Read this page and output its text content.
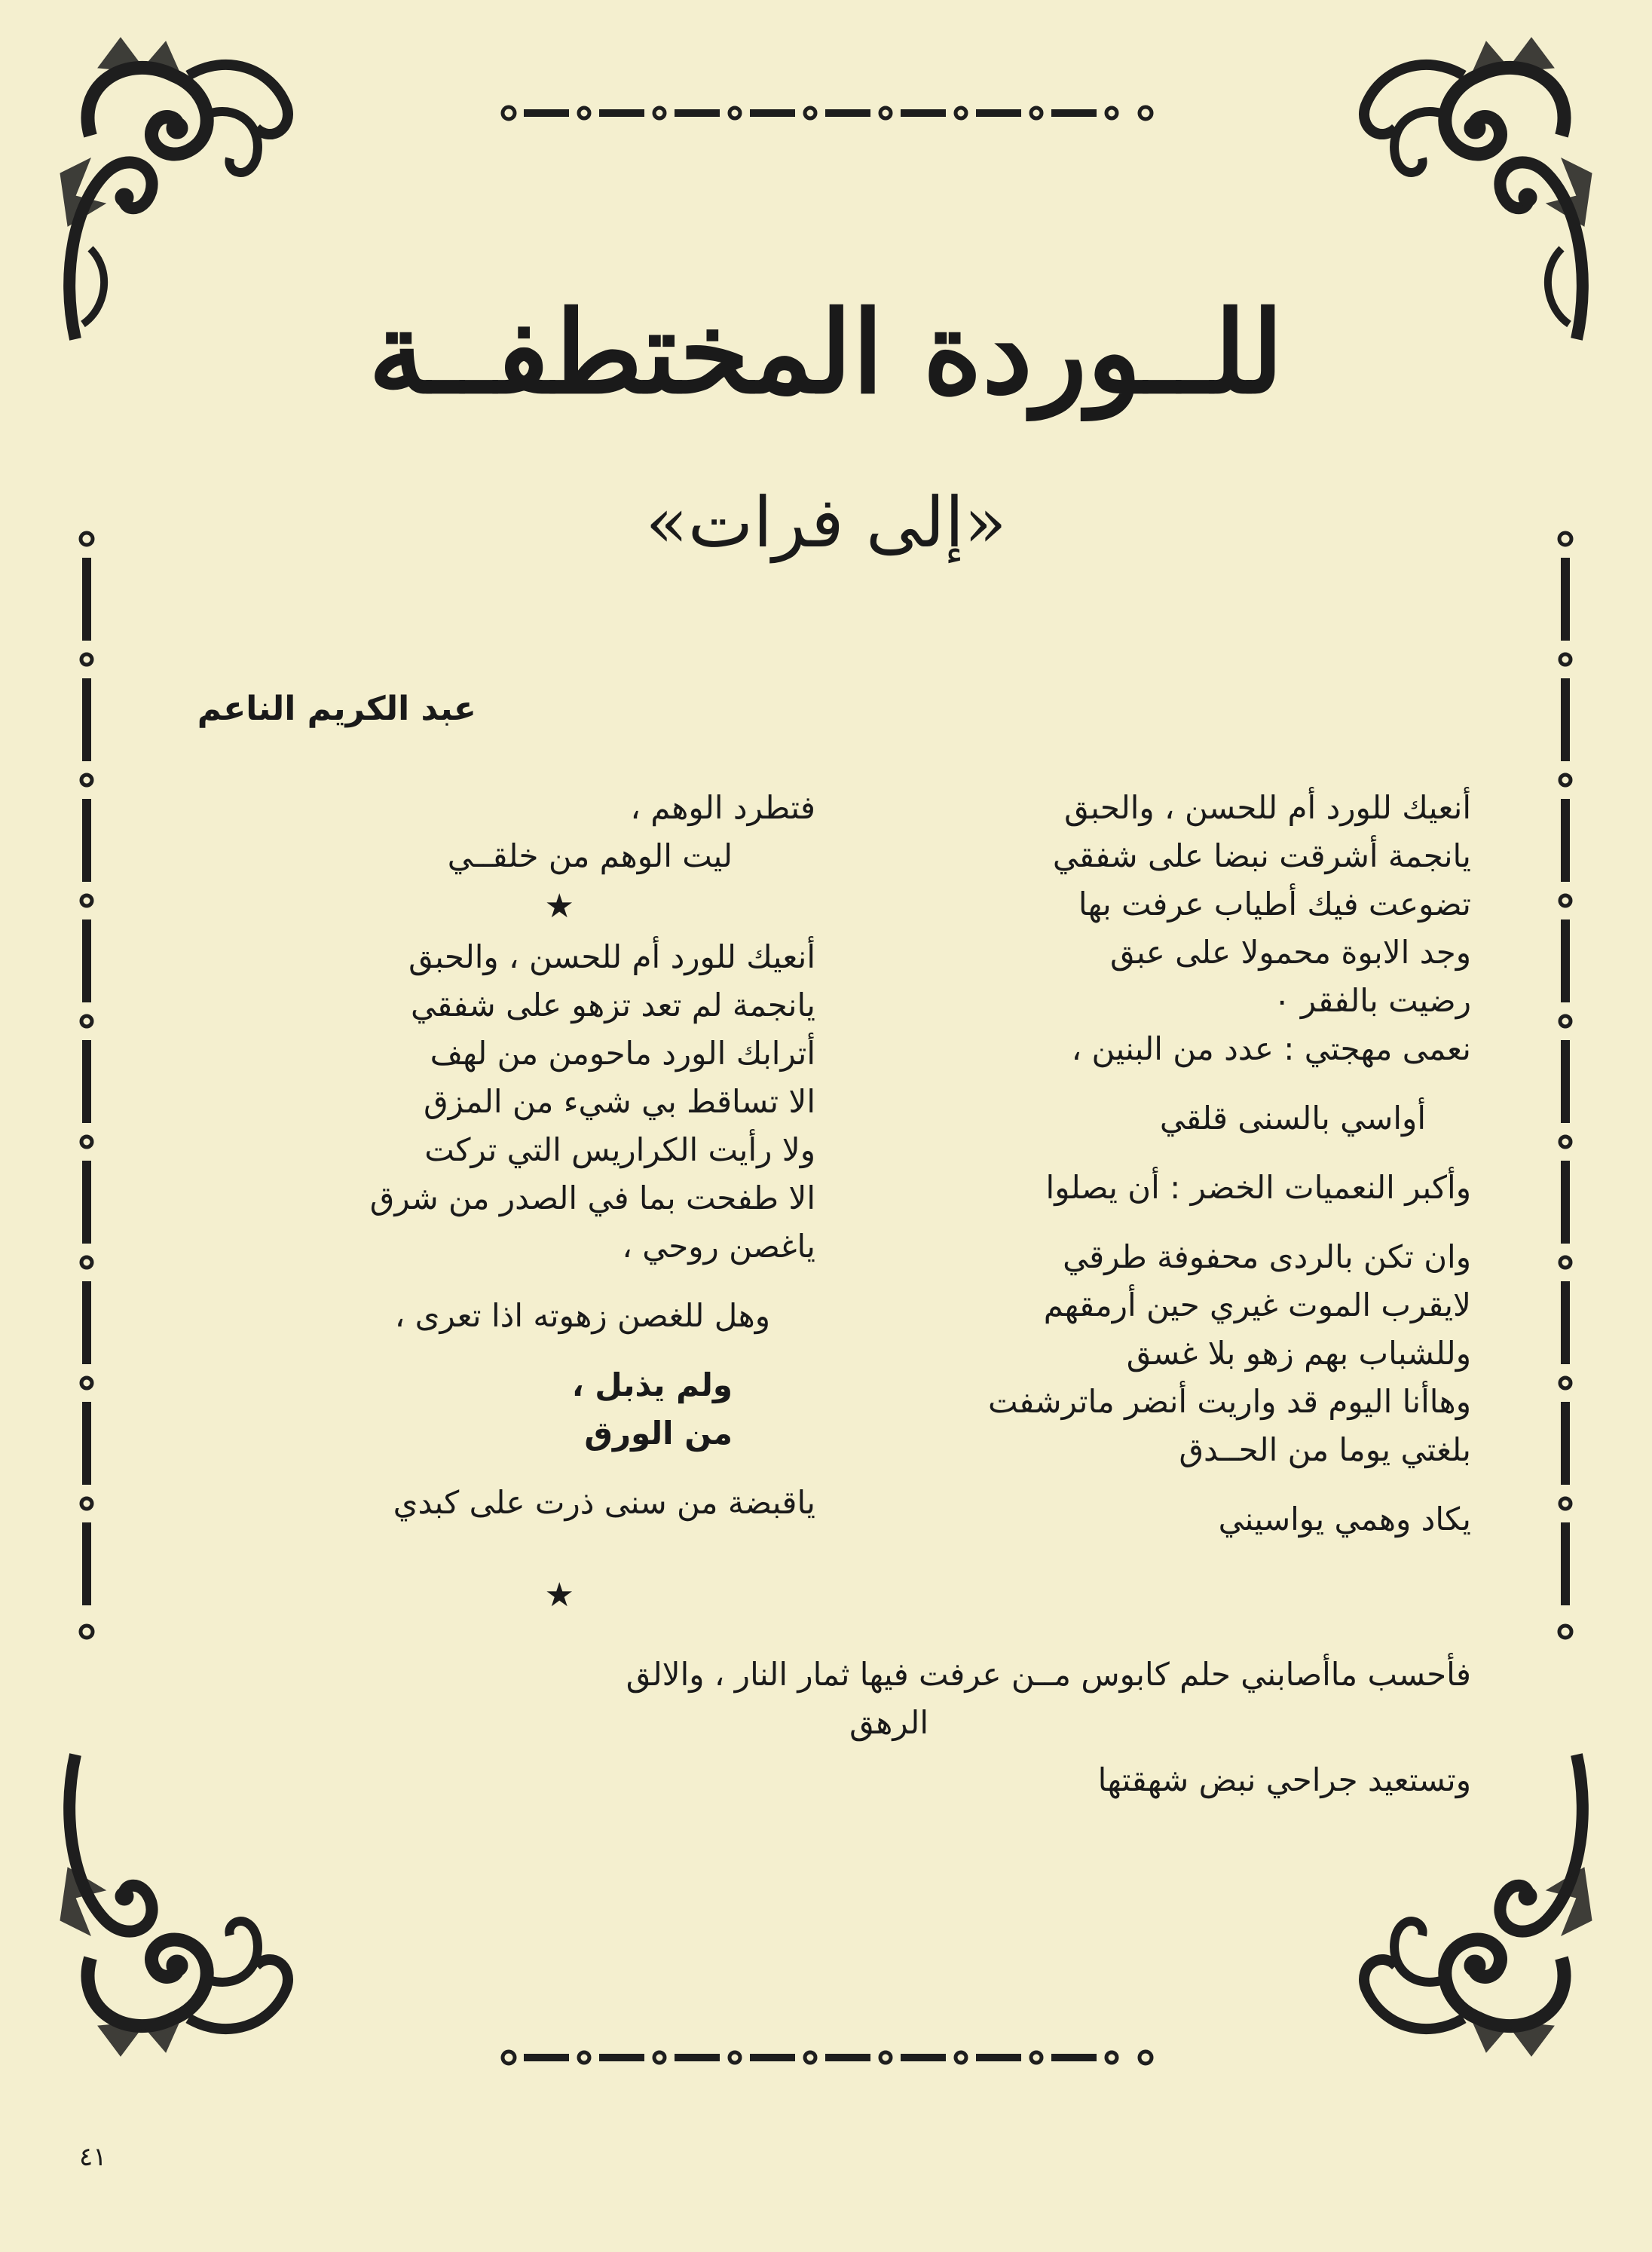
للــوردة المختطفــة
«إلى فرات»
عبد الكريم الناعم
أنعيك للورد أم للحسن ، والحبق
يانجمة أشرقت نبضا على شفقي
تضوعت فيك أطياب عرفت بها
وجد الابوة محمولا على عبق
رضيت بالفقر ٠
نعمى مهجتي : عدد من البنين ،
أواسي بالسنى قلقي
وأكبر النعميات الخضر : أن يصلوا
وان تكن بالردى محفوفة طرقي
لايقرب الموت غيري حين أرمقهم
وللشباب بهم زهو بلا غسق
وهاأنا اليوم قد واريت أنضر ماترشفت
بلغتي يوما من الحــدق
يكاد وهمي يواسيني
فأحسب ماأصابني حلم كابوس مــن عرفت فيها ثمار النار ، والالق
الرهق
وتستعيد جراحي نبض شهقتها
فتطرد الوهم ،
ليت الوهم من خلقــي
★
أنعيك للورد أم للحسن ، والحبق
يانجمة لم تعد تزهو على شفقي
أترابك الورد ماحومن من لهف
الا تساقط بي شيء من المزق
ولا رأيت الكراريس التي تركت
الا طفحت بما في الصدر من شرق
ياغصن روحي ،
وهل للغصن زهوته اذا تعرى ،
ولم يذبل ،
من الورق
ياقبضة من سنى ذرت على كبدي
★
٤١
